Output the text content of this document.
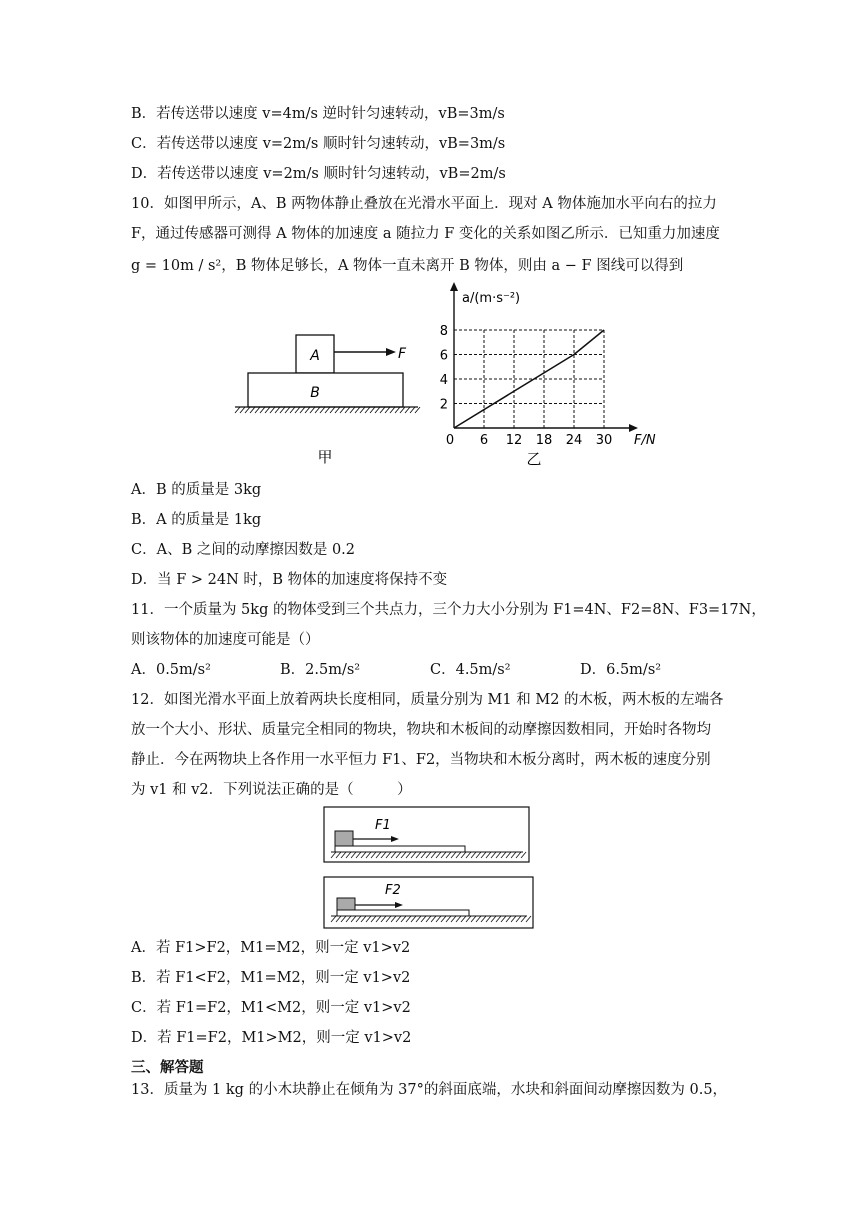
B．若传送带以速度 v=4m/s 逆时针匀速转动，vB=3m/s
C．若传送带以速度 v=2m/s 顺时针匀速转动，vB=3m/s
D．若传送带以速度 v=2m/s 顺时针匀速转动，vB=2m/s
10．如图甲所示，A、B 两物体静止叠放在光滑水平面上．现对 A 物体施加水平向右的拉力
F，通过传感器可测得 A 物体的加速度 a 随拉力 F 变化的关系如图乙所示．已知重力加速度
g = 10m / s²，B 物体足够长，A 物体一直未离开 B 物体，则由 a − F 图线可以得到
A	F
B
甲
0 6 12 18 24 30
2
4
6
8
F/N
a/(m·s⁻²)
乙
A．B 的质量是 3kg
B．A 的质量是 1kg
C．A、B 之间的动摩擦因数是 0.2
D．当 F > 24N 时，B 物体的加速度将保持不变
11．一个质量为 5kg 的物体受到三个共点力，三个力大小分别为 F1=4N、F2=8N、F3=17N，
则该物体的加速度可能是（）
A．0.5m/s²	B．2.5m/s²	C．4.5m/s²	D．6.5m/s²
12．如图光滑水平面上放着两块长度相同，质量分别为 M1 和 M2 的木板，两木板的左端各
放一个大小、形状、质量完全相同的物块，物块和木板间的动摩擦因数相同，开始时各物均
静止．今在两物块上各作用一水平恒力 F1、F2，当物块和木板分离时，两木板的速度分别
为 v1 和 v2．下列说法正确的是（　　　）
F1
F2
A．若 F1>F2，M1=M2，则一定 v1>v2
B．若 F1<F2，M1=M2，则一定 v1>v2
C．若 F1=F2，M1<M2，则一定 v1>v2
D．若 F1=F2，M1>M2，则一定 v1>v2
三、解答题
13．质量为 1 kg 的小木块静止在倾角为 37°的斜面底端，水块和斜面间动摩擦因数为 0.5，
